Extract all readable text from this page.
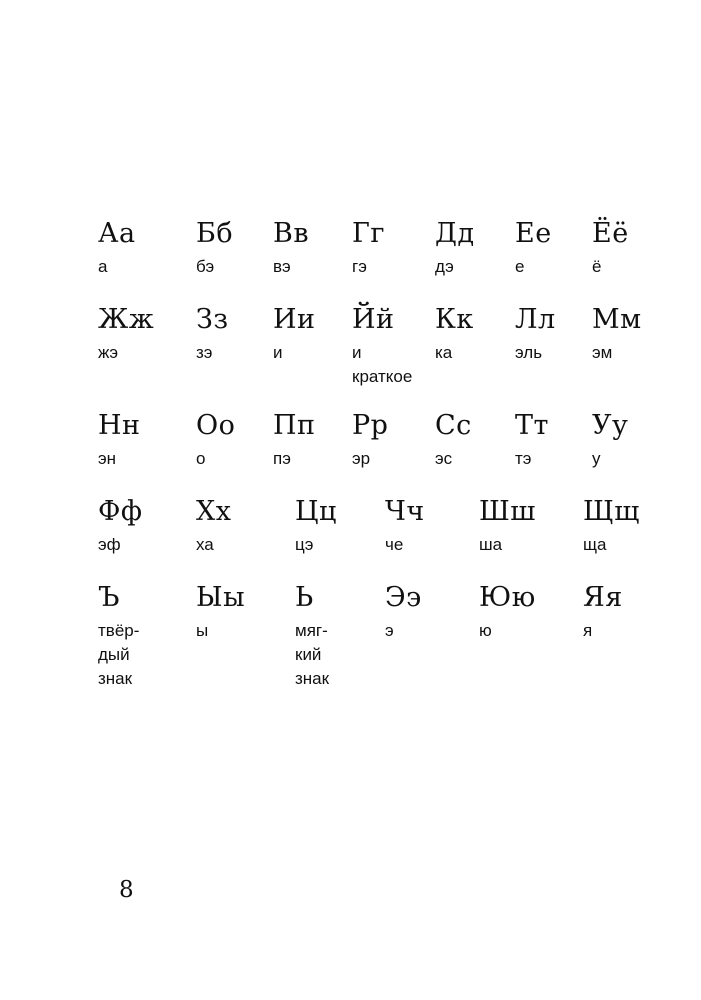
Аа
а
Бб
бэ
Вв
вэ
Гг
гэ
Дд
дэ
Ее
е
Ёё
ё
Жж
жэ
Зз
зэ
Ии
и
Йй
и
краткое
Кк
ка
Лл
эль
Мм
эм
Нн
эн
Оо
о
Пп
пэ
Рр
эр
Сс
эс
Тт
тэ
Уу
у
Фф
эф
Хх
ха
Цц
цэ
Чч
че
Шш
ша
Щщ
ща
Ъ
твёр-
дый
знак
Ыы
ы
Ь
мяг-
кий
знак
Ээ
э
Юю
ю
Яя
я
8
